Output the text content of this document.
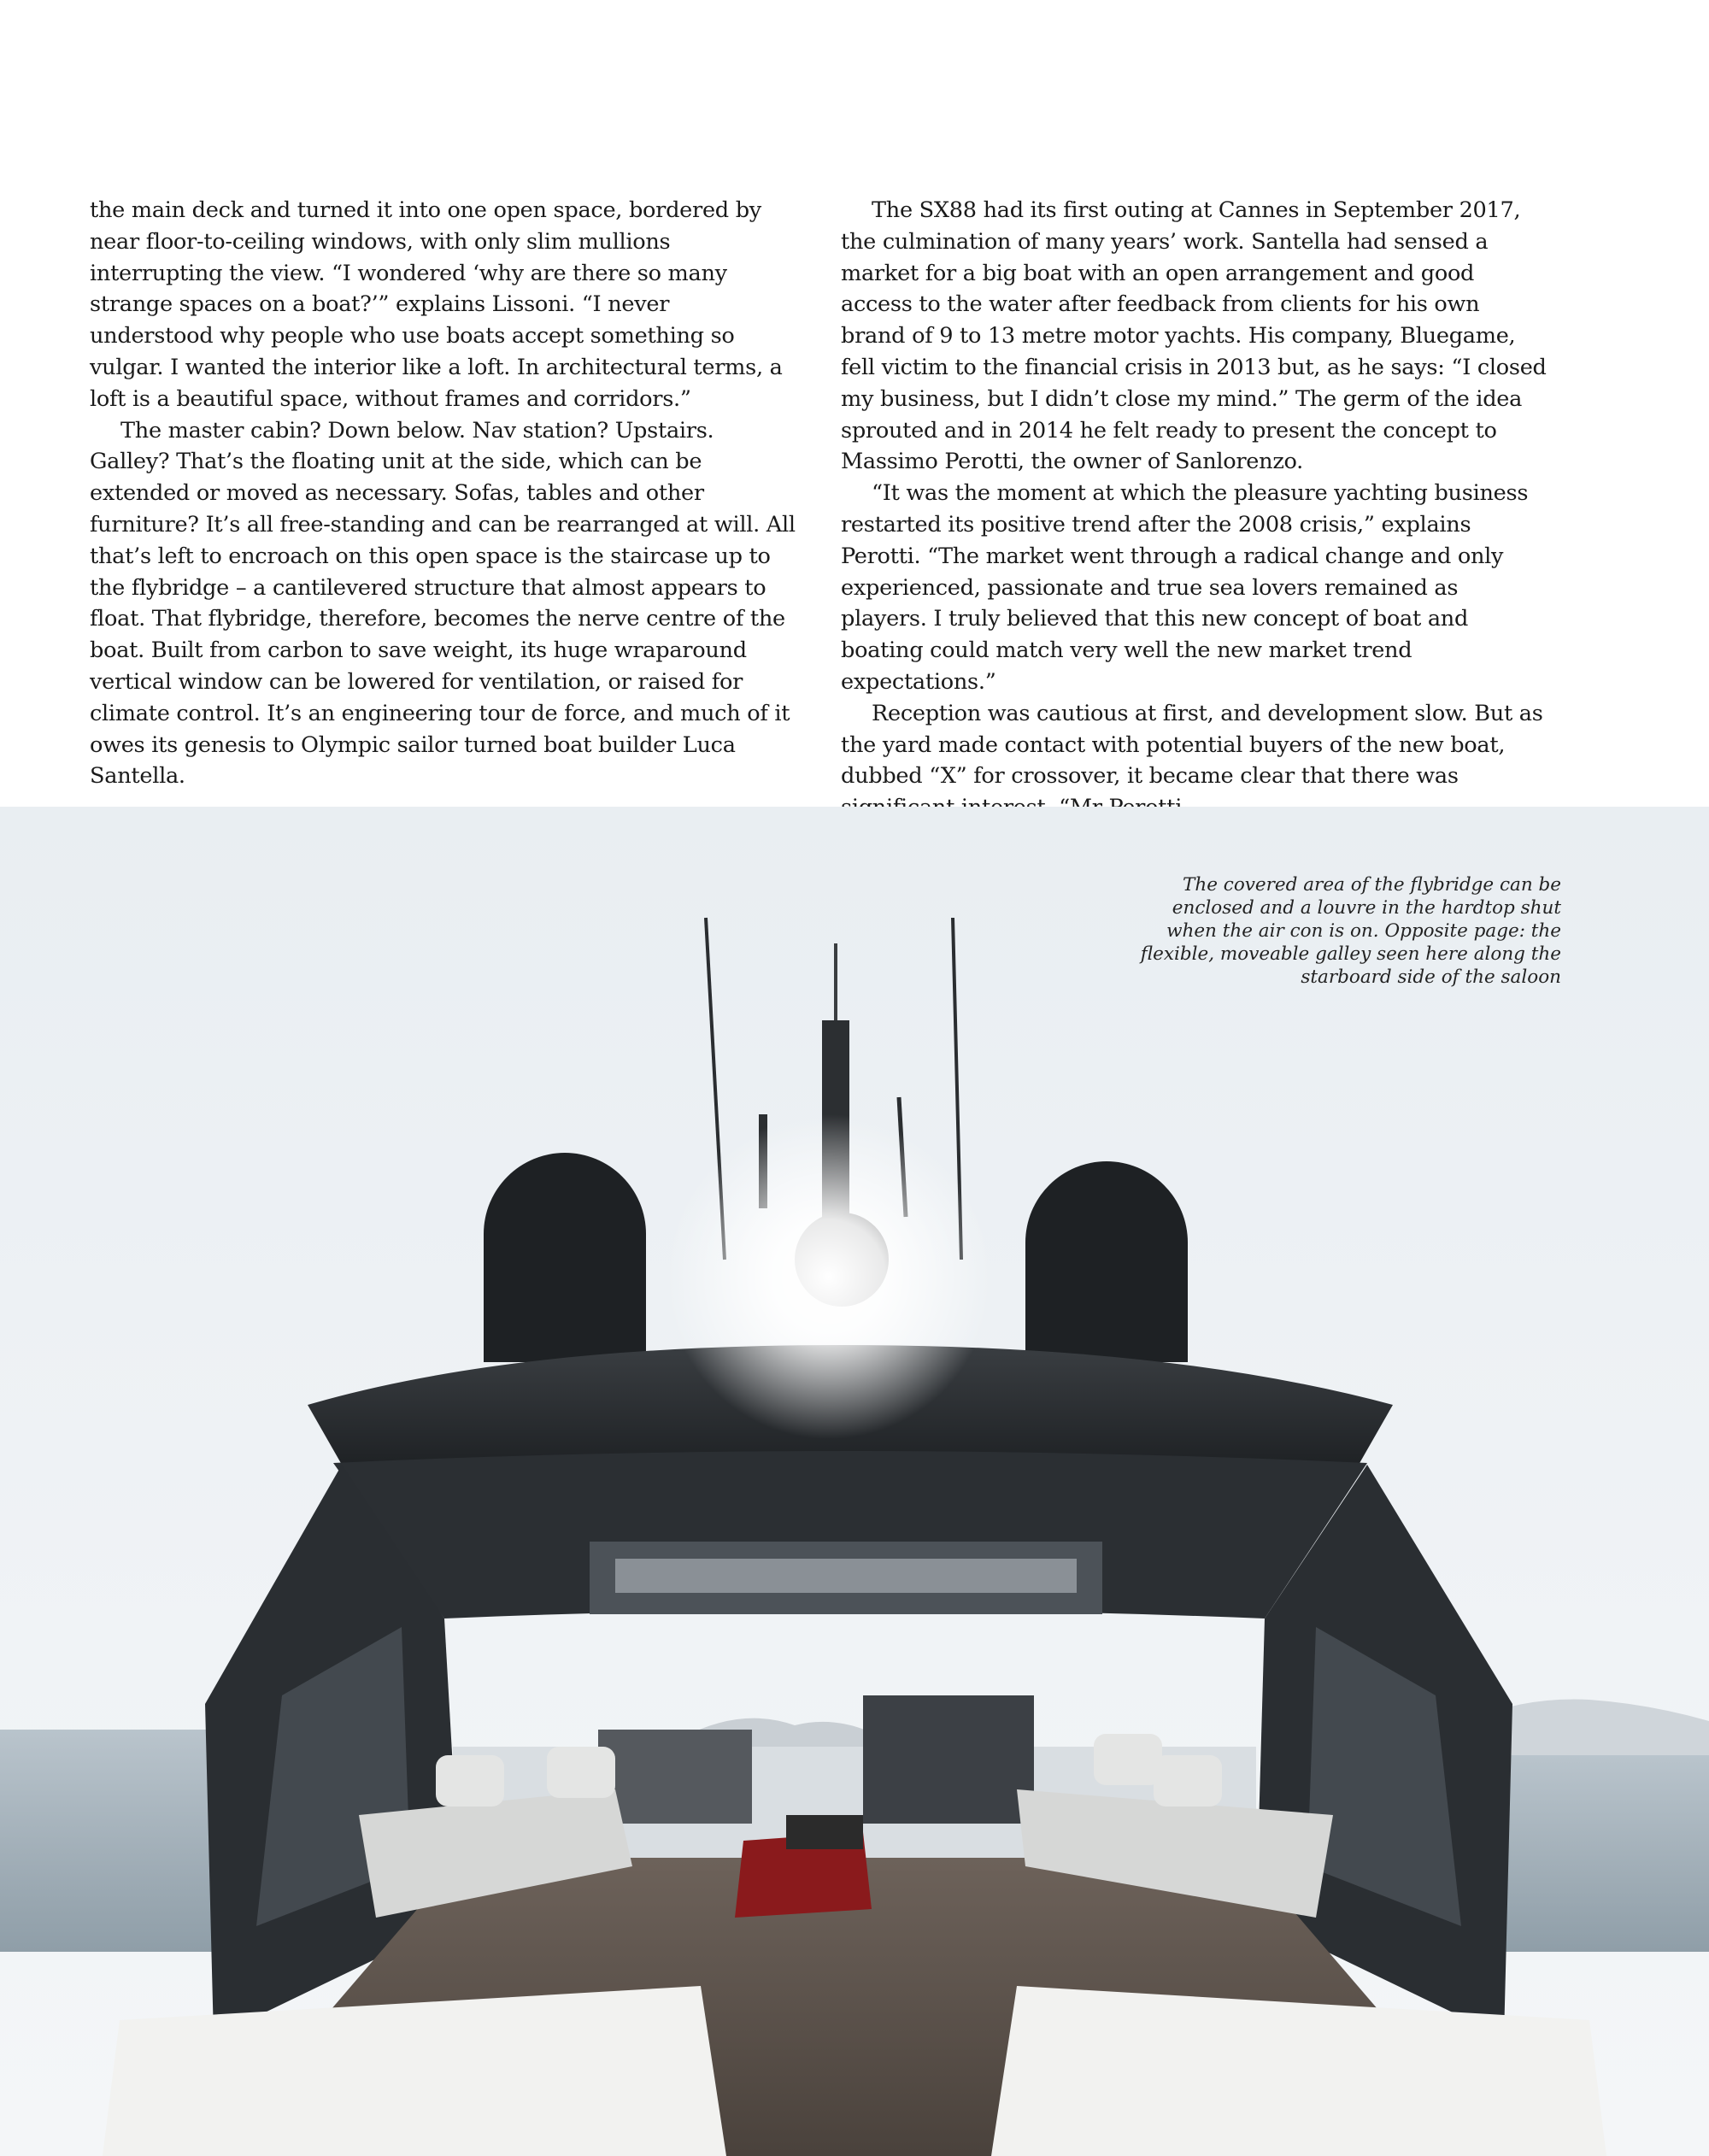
the main deck and turned it into one open space, bordered by near floor-to-ceiling windows, with only slim mullions interrupting the view. “I wondered ‘why are there so many strange spaces on a boat?’” explains Lissoni. “I never understood why people who use boats accept something so vulgar. I wanted the interior like a loft. In architectural terms, a loft is a beautiful space, without frames and corridors.”

The master cabin? Down below. Nav station? Upstairs. Galley? That’s the floating unit at the side, which can be extended or moved as necessary. Sofas, tables and other furniture? It’s all free-standing and can be rearranged at will. All that’s left to encroach on this open space is the staircase up to the flybridge – a cantilevered structure that almost appears to float. That flybridge, therefore, becomes the nerve centre of the boat. Built from carbon to save weight, its huge wraparound vertical window can be lowered for ventilation, or raised for climate control. It’s an engineering tour de force, and much of it owes its genesis to Olympic sailor turned boat builder Luca Santella.

The SX88 had its first outing at Cannes in September 2017, the culmination of many years’ work. Santella had sensed a market for a big boat with an open arrangement and good access to the water after feedback from clients for his own brand of 9 to 13 metre motor yachts. His company, Bluegame, fell victim to the financial crisis in 2013 but, as he says: “I closed my business, but I didn’t close my mind.” The germ of the idea sprouted and in 2014 he felt ready to present the concept to Massimo Perotti, the owner of Sanlorenzo.

“It was the moment at which the pleasure yachting business restarted its positive trend after the 2008 crisis,” explains Perotti. “The market went through a radical change and only experienced, passionate and true sea lovers remained as players. I truly believed that this new concept of boat and boating could match very well the new market trend expectations.”

Reception was cautious at first, and development slow. But as the yard made contact with potential buyers of the new boat, dubbed “X” for crossover, it became clear that there was

The covered area of the flybridge can be enclosed and a louvre in the hardtop shut when the air con is on. Opposite page: the flexible, moveable galley seen here along the starboard side of the saloon
